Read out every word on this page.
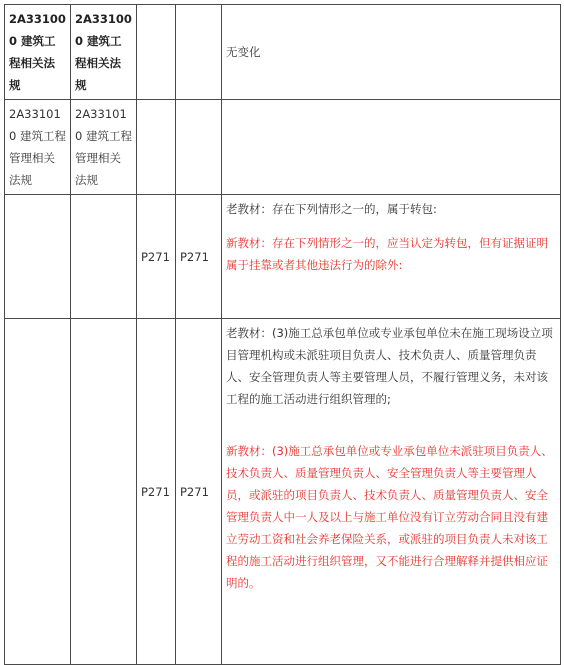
2A331000 建筑工程相关法规	2A331000 建筑工程相关法规			无变化
2A331010 建筑工程管理相关法规	2A331010 建筑工程管理相关法规			
		P271	P271	老教材：存在下列情形之一的，属于转包:

新教材：存在下列情形之一的，应当认定为转包，但有证据证明属于挂靠或者其他违法行为的除外:

		P271	P271	老教材：(3)施工总承包单位或专业承包单位未在施工现场设立项目管理机构或未派驻项目负责人、技术负责人、质量管理负责人、安全管理负责人等主要管理人员，不履行管理义务，未对该工程的施工活动进行组织管理的;

新教材：(3)施工总承包单位或专业承包单位未派驻项目负责人、技术负责人、质量管理负责人、安全管理负责人等主要管理人员，或派驻的项目负责人、技术负责人、质量管理负责人、安全管理负责人中一人及以上与施工单位没有订立劳动合同且没有建立劳动工资和社会养老保险关系，或派驻的项目负责人未对该工程的施工活动进行组织管理，又不能进行合理解释并提供相应证明的。
